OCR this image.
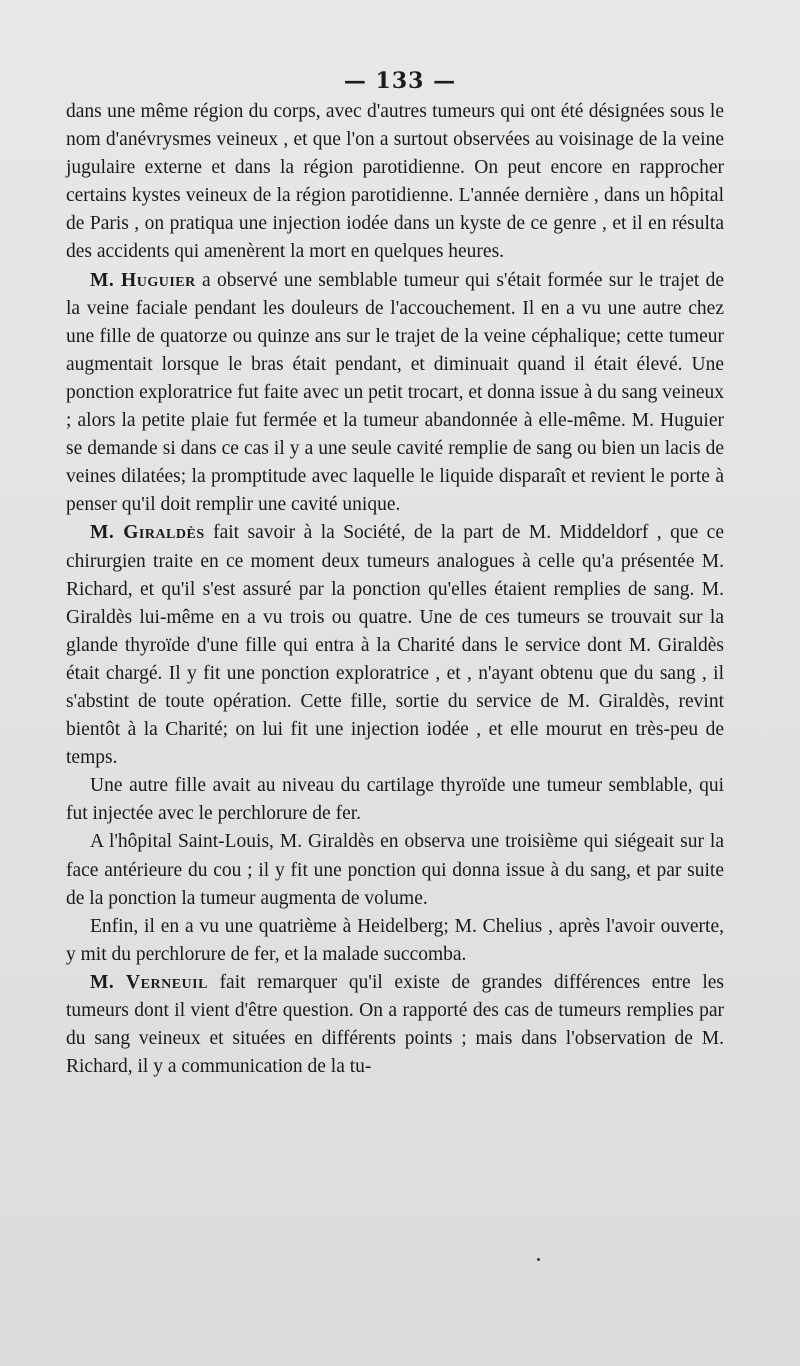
— 133 —

dans une même région du corps, avec d'autres tumeurs qui ont été désignées sous le nom d'anévrysmes veineux , et que l'on a surtout observées au voisinage de la veine jugulaire externe et dans la région parotidienne. On peut encore en rapprocher certains kystes veineux de la région parotidienne. L'année dernière , dans un hôpital de Paris , on pratiqua une injection iodée dans un kyste de ce genre , et il en résulta des accidents qui amenèrent la mort en quelques heures.

M. Huguier a observé une semblable tumeur qui s'était formée sur le trajet de la veine faciale pendant les douleurs de l'accouchement. Il en a vu une autre chez une fille de quatorze ou quinze ans sur le trajet de la veine céphalique; cette tumeur augmentait lorsque le bras était pendant, et diminuait quand il était élevé. Une ponction exploratrice fut faite avec un petit trocart, et donna issue à du sang veineux ; alors la petite plaie fut fermée et la tumeur abandonnée à elle-même. M. Huguier se demande si dans ce cas il y a une seule cavité remplie de sang ou bien un lacis de veines dilatées; la promptitude avec laquelle le liquide disparaît et revient le porte à penser qu'il doit remplir une cavité unique.

M. Giraldès fait savoir à la Société, de la part de M. Middeldorf , que ce chirurgien traite en ce moment deux tumeurs analogues à celle qu'a présentée M. Richard, et qu'il s'est assuré par la ponction qu'elles étaient remplies de sang. M. Giraldès lui-même en a vu trois ou quatre. Une de ces tumeurs se trouvait sur la glande thyroïde d'une fille qui entra à la Charité dans le service dont M. Giraldès était chargé. Il y fit une ponction exploratrice , et , n'ayant obtenu que du sang , il s'abstint de toute opération. Cette fille, sortie du service de M. Giraldès, revint bientôt à la Charité; on lui fit une injection iodée , et elle mourut en très-peu de temps.

Une autre fille avait au niveau du cartilage thyroïde une tumeur semblable, qui fut injectée avec le perchlorure de fer.

A l'hôpital Saint-Louis, M. Giraldès en observa une troisième qui siégeait sur la face antérieure du cou ; il y fit une ponction qui donna issue à du sang, et par suite de la ponction la tumeur augmenta de volume.

Enfin, il en a vu une quatrième à Heidelberg; M. Chelius , après l'avoir ouverte, y mit du perchlorure de fer, et la malade succomba.

M. Verneuil fait remarquer qu'il existe de grandes différences entre les tumeurs dont il vient d'être question. On a rapporté des cas de tumeurs remplies par du sang veineux et situées en différents points ; mais dans l'observation de M. Richard, il y a communication de la tu-
